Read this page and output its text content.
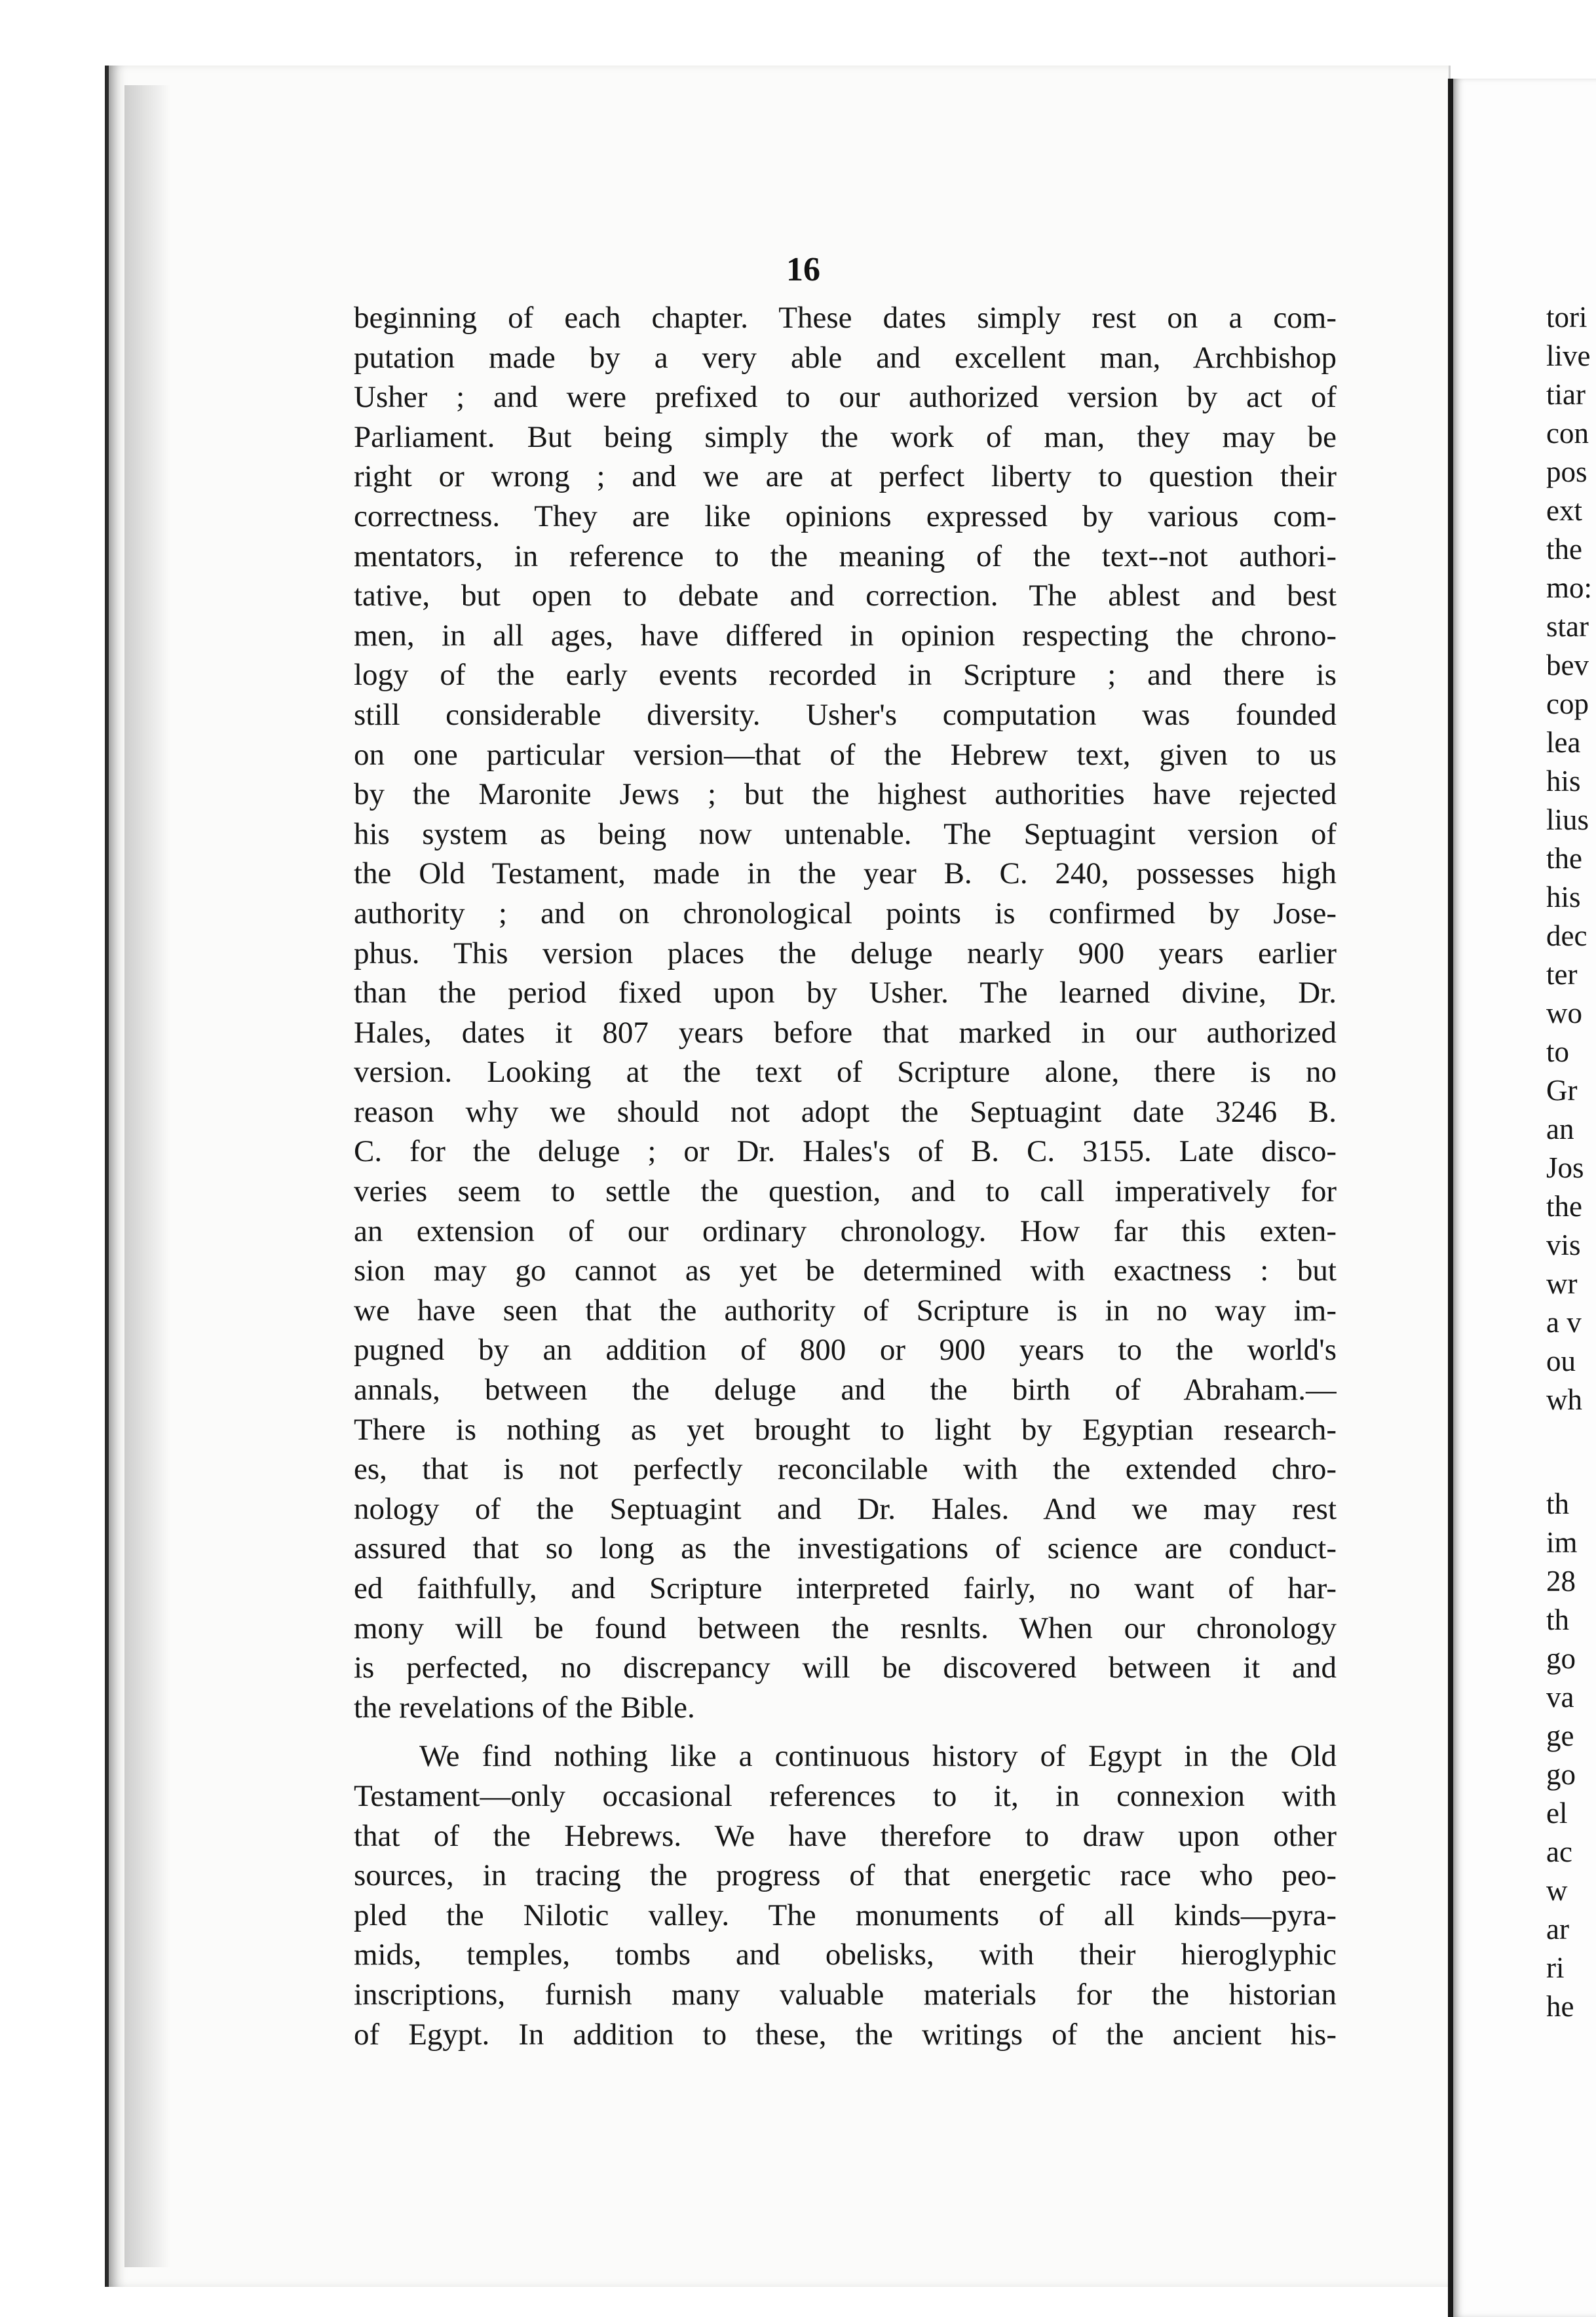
16
beginning of each chapter. These dates simply rest on a com-
putation made by a very able and excellent man, Archbishop
Usher ; and were prefixed to our authorized version by act of
Parliament. But being simply the work of man, they may be
right or wrong ; and we are at perfect liberty to question their
correctness. They are like opinions expressed by various com-
mentators, in reference to the meaning of the text--not authori-
tative, but open to debate and correction. The ablest and best
men, in all ages, have differed in opinion respecting the chrono-
logy of the early events recorded in Scripture ; and there is
still considerable diversity. Usher's computation was founded
on one particular version—that of the Hebrew text, given to us
by the Maronite Jews ; but the highest authorities have rejected
his system as being now untenable. The Septuagint version of
the Old Testament, made in the year B. C. 240, possesses high
authority ; and on chronological points is confirmed by Jose-
phus. This version places the deluge nearly 900 years earlier
than the period fixed upon by Usher. The learned divine, Dr.
Hales, dates it 807 years before that marked in our authorized
version. Looking at the text of Scripture alone, there is no
reason why we should not adopt the Septuagint date 3246 B.
C. for the deluge ; or Dr. Hales's of B. C. 3155. Late disco-
veries seem to settle the question, and to call imperatively for
an extension of our ordinary chronology. How far this exten-
sion may go cannot as yet be determined with exactness : but
we have seen that the authority of Scripture is in no way im-
pugned by an addition of 800 or 900 years to the world's
annals, between the deluge and the birth of Abraham.—
There is nothing as yet brought to light by Egyptian research-
es, that is not perfectly reconcilable with the extended chro-
nology of the Septuagint and Dr. Hales. And we may rest
assured that so long as the investigations of science are conduct-
ed faithfully, and Scripture interpreted fairly, no want of har-
mony will be found between the resnlts. When our chronology
is perfected, no discrepancy will be discovered between it and
the revelations of the Bible.
We find nothing like a continuous history of Egypt in the Old
Testament—only occasional references to it, in connexion with
that of the Hebrews. We have therefore to draw upon other
sources, in tracing the progress of that energetic race who peo-
pled the Nilotic valley. The monuments of all kinds—pyra-
mids, temples, tombs and obelisks, with their hieroglyphic
inscriptions, furnish many valuable materials for the historian
of Egypt. In addition to these, the writings of the ancient his-
tori
live
tiar
con
pos
ext
the
mo:
star
bev
cop
lea
his
lius
the
his
dec
ter
wo
to
Gr
an
Jos
the
vis
wr
a v
ou
wh
th
im
28
th
go
va
ge
go
el
ac
w
ar
ri
he
